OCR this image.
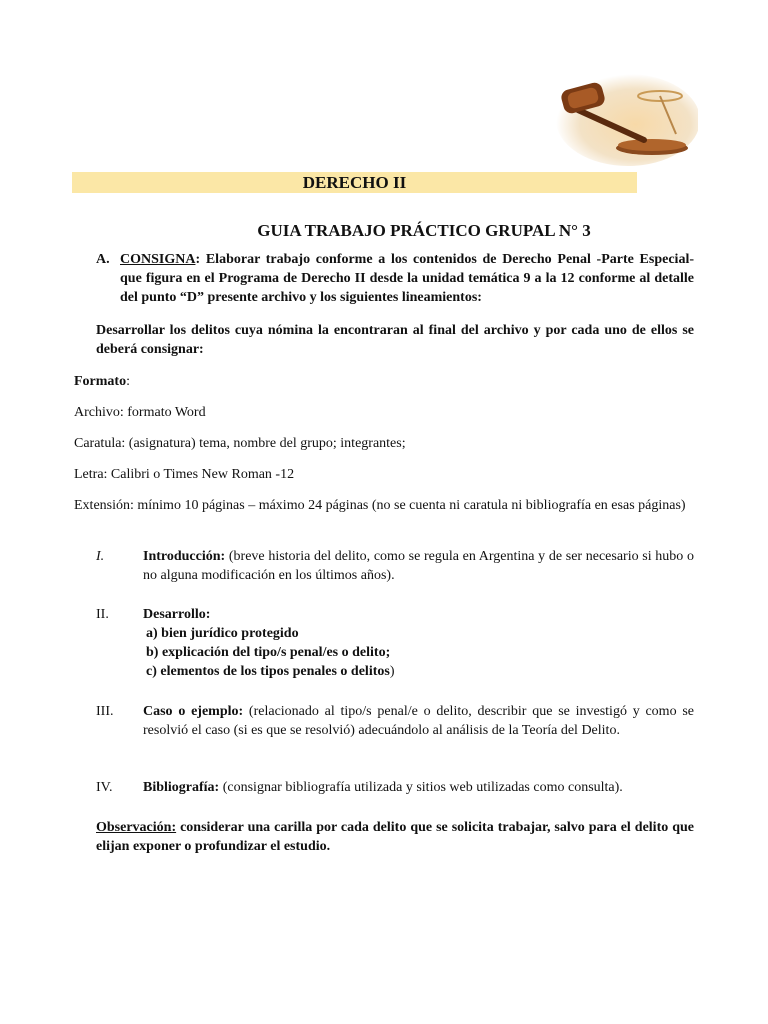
DERECHO II
GUIA TRABAJO PRÁCTICO GRUPAL N° 3
A. CONSIGNA: Elaborar trabajo conforme a los contenidos de Derecho Penal -Parte Especial- que figura en el Programa de Derecho II desde la unidad temática 9 a la 12 conforme al detalle del punto “D” presente archivo y los siguientes lineamientos:
Desarrollar los delitos cuya nómina la encontraran al final del archivo y por cada uno de ellos se deberá consignar:
Formato:
Archivo: formato Word
Caratula: (asignatura) tema, nombre del grupo; integrantes;
Letra: Calibri o Times New Roman -12
Extensión: mínimo 10 páginas – máximo 24 páginas (no se cuenta ni caratula ni bibliografía en esas páginas)
I.	Introducción: (breve historia del delito, como se regula en Argentina y de ser necesario si hubo o no alguna modificación en los últimos años).
II. Desarrollo:
a) bien jurídico protegido
b) explicación del tipo/s penal/es o delito;
c) elementos de los tipos penales o delitos)
III. Caso o ejemplo: (relacionado al tipo/s penal/e o delito, describir que se investigó y como se resolvió el caso (si es que se resolvió) adecuándolo al análisis de la Teoría del Delito.
IV. Bibliografía: (consignar bibliografía utilizada y sitios web utilizadas como consulta).
Observación: considerar una carilla por cada delito que se solicita trabajar, salvo para el delito que elijan exponer o profundizar el estudio.
